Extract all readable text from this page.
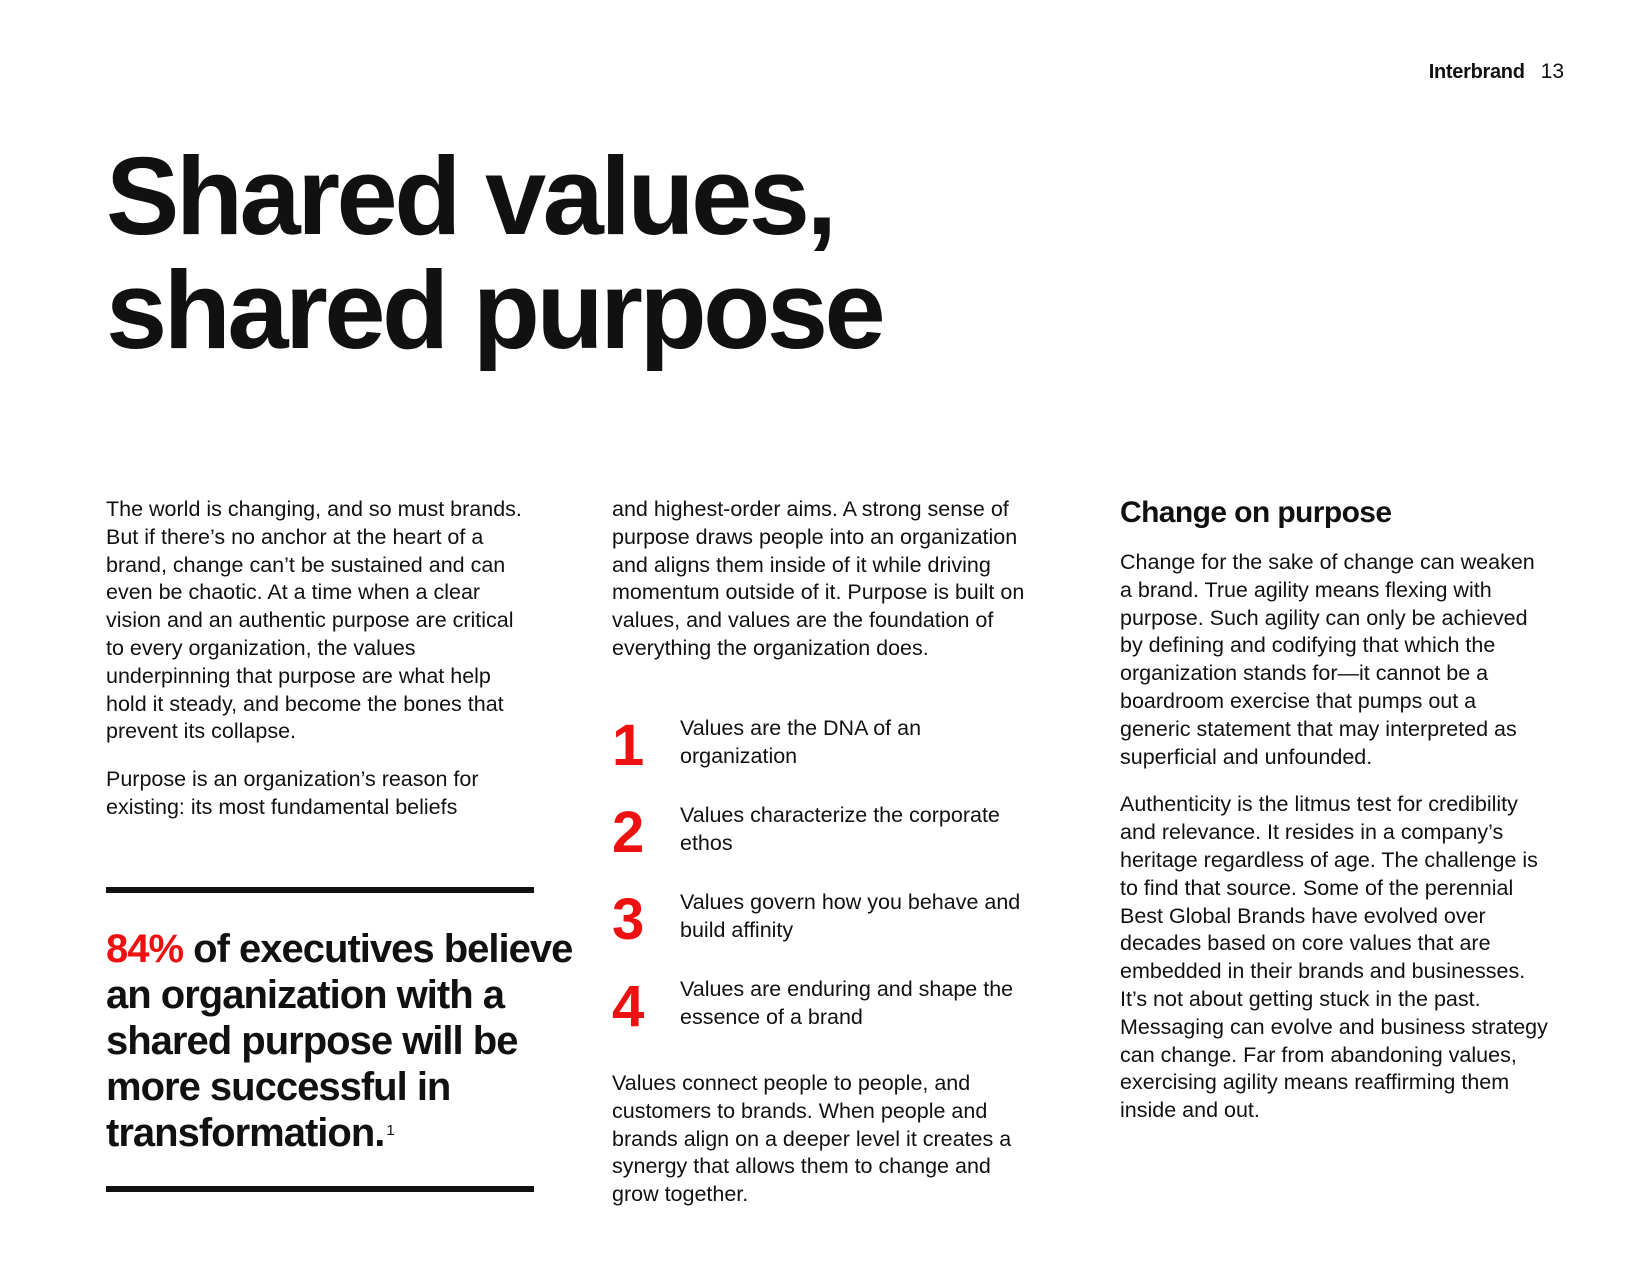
Interbrand 13
Shared values,
shared purpose

The world is changing, and so must brands. But if there’s no anchor at the heart of a brand, change can’t be sustained and can even be chaotic. At a time when a clear vision and an authentic purpose are critical to every organization, the values underpinning that purpose are what help hold it steady, and become the bones that prevent its collapse.

Purpose is an organization’s reason for existing: its most fundamental beliefs

84% of executives believe an organization with a shared purpose will be more successful in transformation. $^1$

and highest-order aims. A strong sense of purpose draws people into an organization and aligns them inside of it while driving momentum outside of it. Purpose is built on values, and values are the foundation of everything the organization does.

1	Values are the DNA of an organization
2	Values characterize the corporate ethos
3	Values govern how you behave and build affinity
4	Values are enduring and shape the essence of a brand

Values connect people to people, and customers to brands. When people and brands align on a deeper level it creates a synergy that allows them to change and grow together.

Change on purpose

Change for the sake of change can weaken a brand. True agility means flexing with purpose. Such agility can only be achieved by defining and codifying that which the organization stands for—it cannot be a boardroom exercise that pumps out a generic statement that may interpreted as superficial and unfounded.

Authenticity is the litmus test for credibility and relevance. It resides in a company’s heritage regardless of age. The challenge is to find that source. Some of the perennial Best Global Brands have evolved over decades based on core values that are embedded in their brands and businesses. It’s not about getting stuck in the past. Messaging can evolve and business strategy can change. Far from abandoning values, exercising agility means reaffirming them inside and out.
